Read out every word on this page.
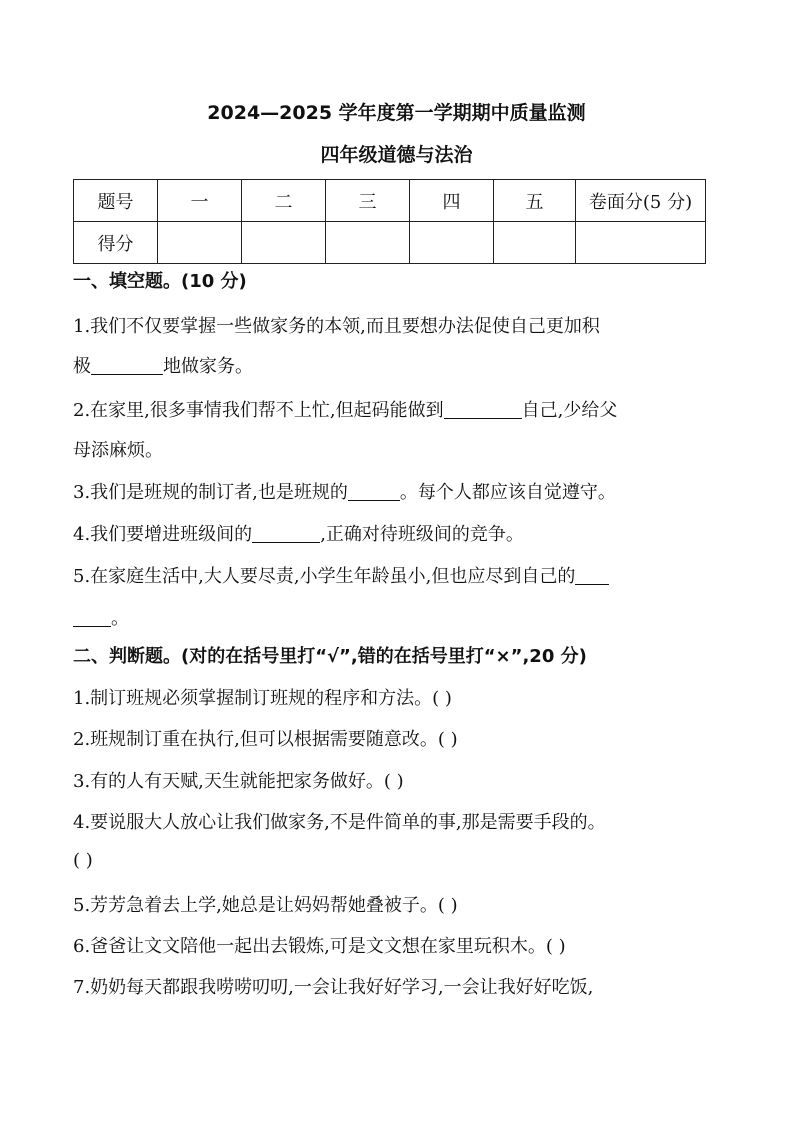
2024—2025 学年度第一学期期中质量监测
四年级道德与法治
题号	一	二	三	四	五	卷面分(5 分)
得分						
一、填空题。(10 分)
1.我们不仅要掌握一些做家务的本领,而且要想办法促使自己更加积
极	地做家务。
2.在家里,很多事情我们帮不上忙,但起码能做到	自己,少给父
母添麻烦。
3.我们是班规的制订者,也是班规的	。每个人都应该自觉遵守。
4.我们要增进班级间的	,正确对待班级间的竞争。
5.在家庭生活中,大人要尽责,小学生年龄虽小,但也应尽到自己的
。
二、判断题。(对的在括号里打“√”,错的在括号里打“×”,20 分)
1.制订班规必须掌握制订班规的程序和方法。( )
2.班规制订重在执行,但可以根据需要随意改。( )
3.有的人有天赋,天生就能把家务做好。( )
4.要说服大人放心让我们做家务,不是件简单的事,那是需要手段的。
( )
5.芳芳急着去上学,她总是让妈妈帮她叠被子。( )
6.爸爸让文文陪他一起出去锻炼,可是文文想在家里玩积木。( )
7.奶奶每天都跟我唠唠叨叨,一会让我好好学习,一会让我好好吃饭,
